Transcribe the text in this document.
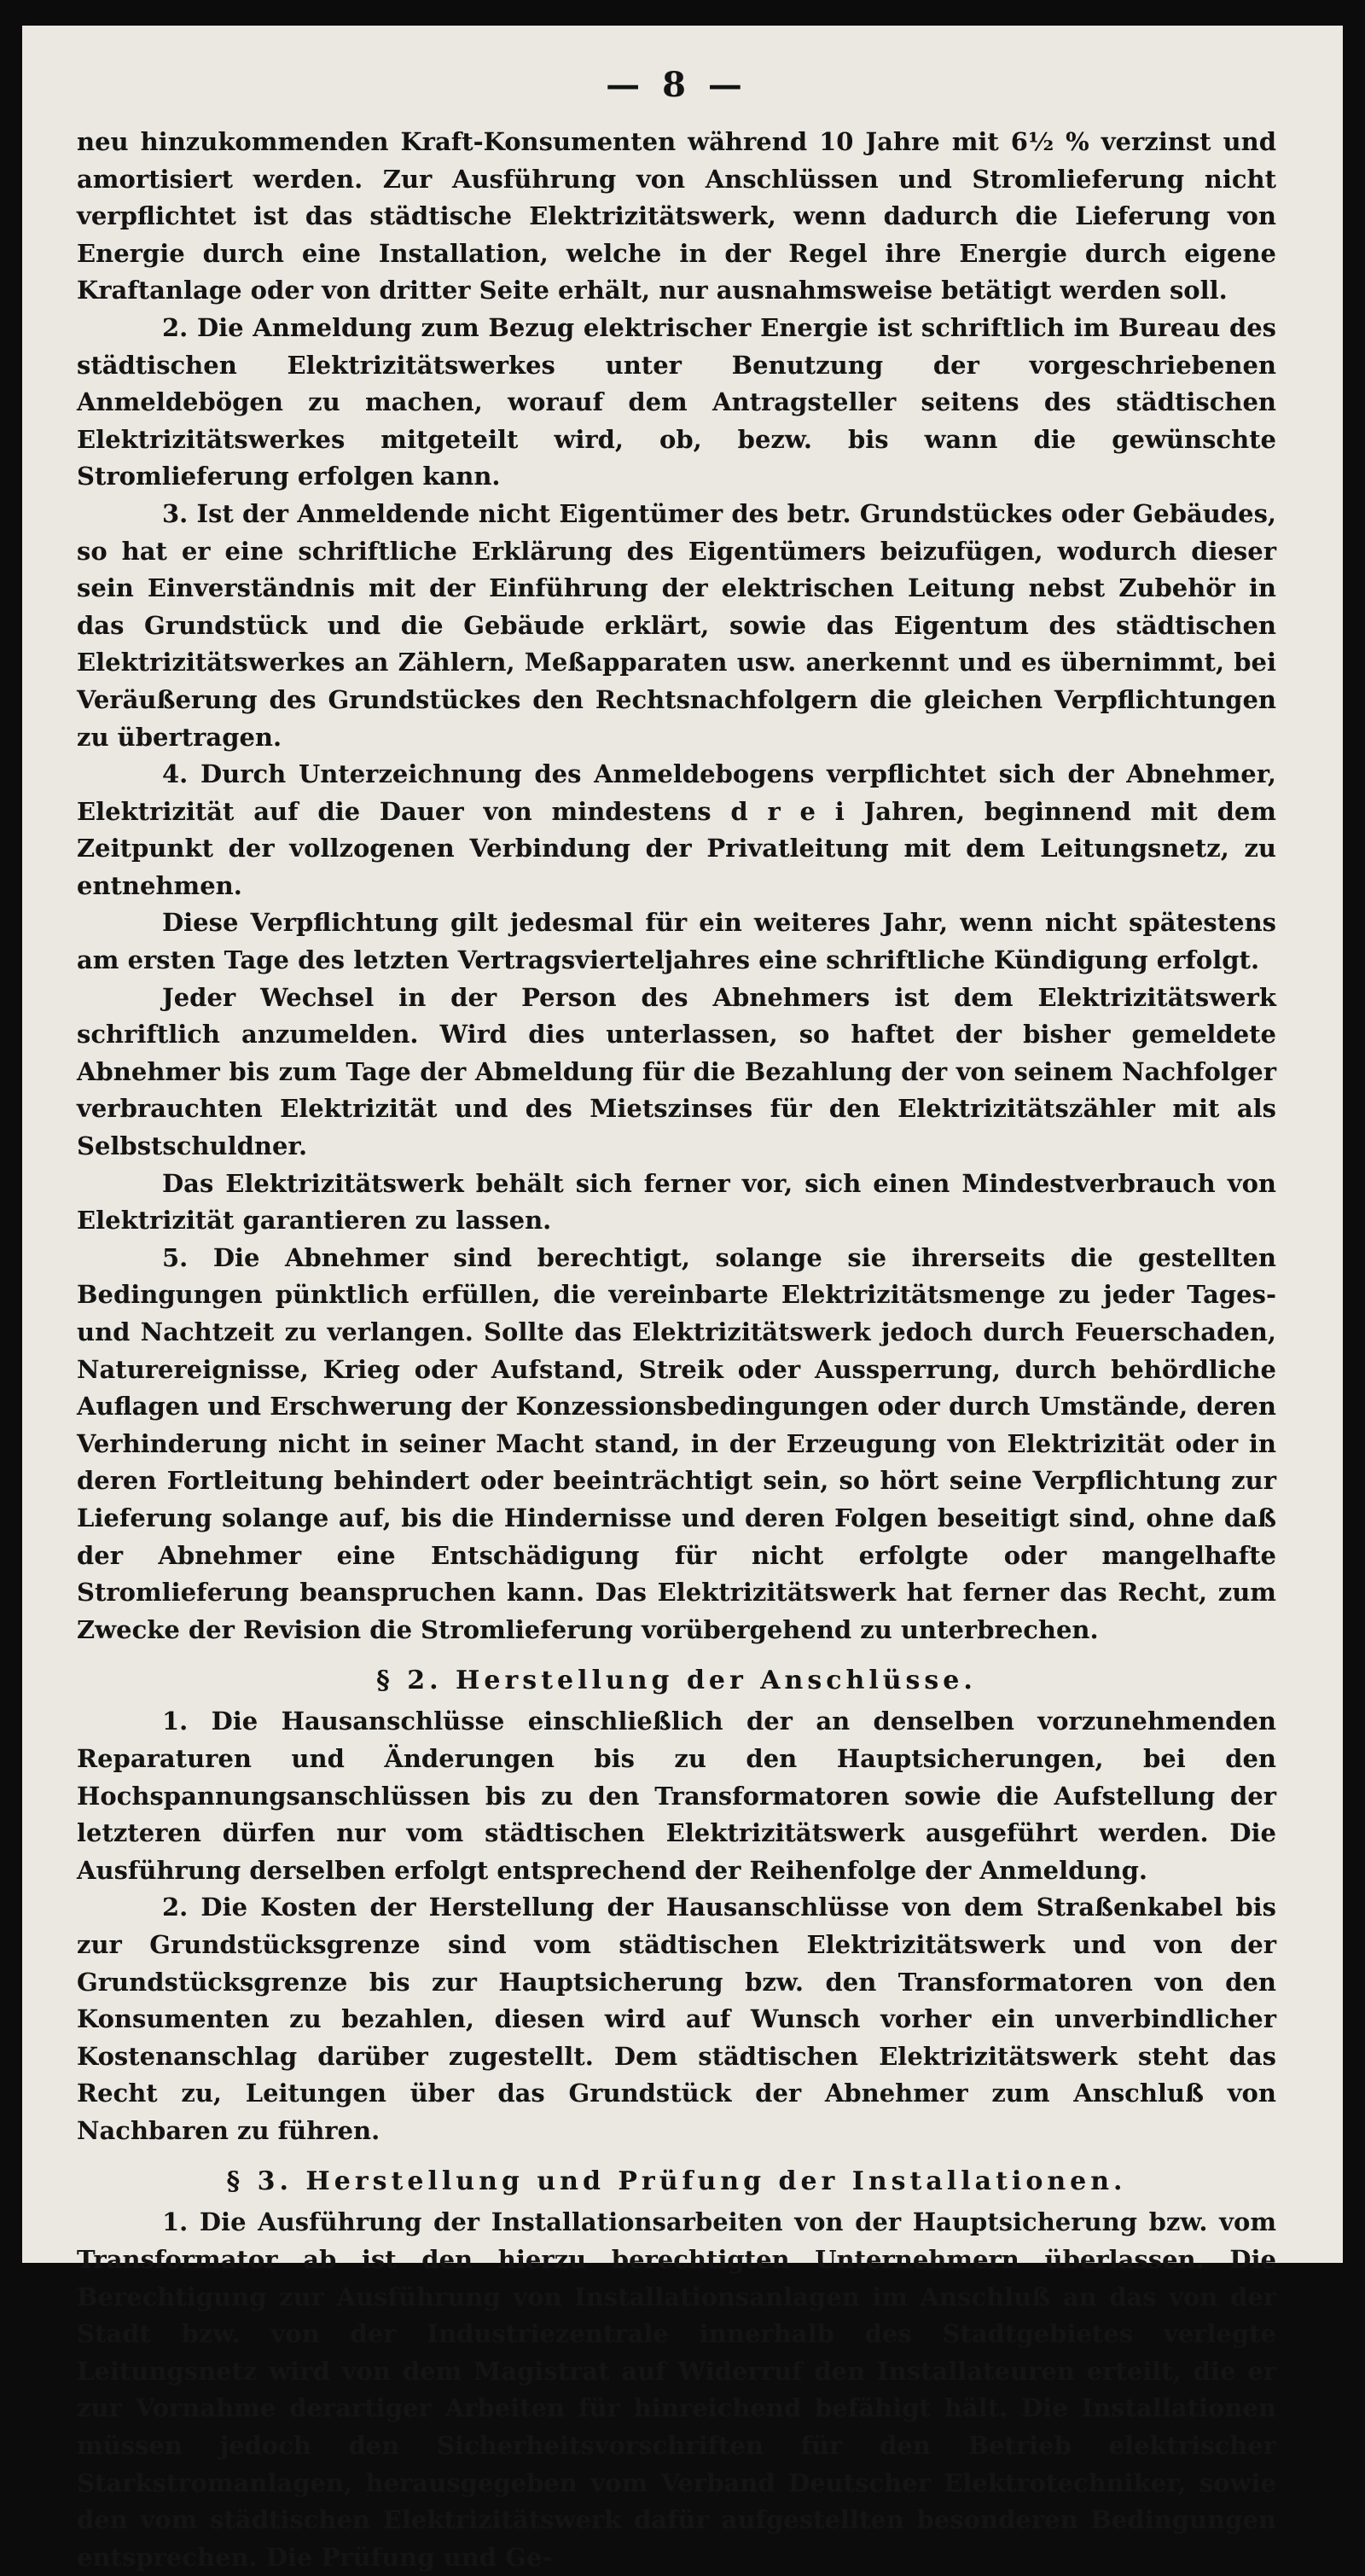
— 8 —

neu hinzukommenden Kraft-Konsumenten während 10 Jahre mit 6½ % verzinst und amortisiert werden. Zur Ausführung von Anschlüssen und Stromlieferung nicht verpflichtet ist das städtische Elektrizitätswerk, wenn dadurch die Lieferung von Energie durch eine Installation, welche in der Regel ihre Energie durch eigene Kraftanlage oder von dritter Seite erhält, nur ausnahmsweise betätigt werden soll.

2. Die Anmeldung zum Bezug elektrischer Energie ist schriftlich im Bureau des städtischen Elektrizitätswerkes unter Benutzung der vorgeschriebenen Anmeldebögen zu machen, worauf dem Antragsteller seitens des städtischen Elektrizitätswerkes mitgeteilt wird, ob, bezw. bis wann die gewünschte Stromlieferung erfolgen kann.

3. Ist der Anmeldende nicht Eigentümer des betr. Grundstückes oder Gebäudes, so hat er eine schriftliche Erklärung des Eigentümers beizufügen, wodurch dieser sein Einverständnis mit der Einführung der elektrischen Leitung nebst Zubehör in das Grundstück und die Gebäude erklärt, sowie das Eigentum des städtischen Elektrizitätswerkes an Zählern, Meßapparaten usw. anerkennt und es übernimmt, bei Veräußerung des Grundstückes den Rechtsnachfolgern die gleichen Verpflichtungen zu übertragen.

4. Durch Unterzeichnung des Anmeldebogens verpflichtet sich der Abnehmer, Elektrizität auf die Dauer von mindestens d r e i Jahren, beginnend mit dem Zeitpunkt der vollzogenen Verbindung der Privatleitung mit dem Leitungsnetz, zu entnehmen.

Diese Verpflichtung gilt jedesmal für ein weiteres Jahr, wenn nicht spätestens am ersten Tage des letzten Vertragsvierteljahres eine schriftliche Kündigung erfolgt.

Jeder Wechsel in der Person des Abnehmers ist dem Elektrizitätswerk schriftlich anzumelden. Wird dies unterlassen, so haftet der bisher gemeldete Abnehmer bis zum Tage der Abmeldung für die Bezahlung der von seinem Nachfolger verbrauchten Elektrizität und des Mietszinses für den Elektrizitätszähler mit als Selbstschuldner.

Das Elektrizitätswerk behält sich ferner vor, sich einen Mindestverbrauch von Elektrizität garantieren zu lassen.

5. Die Abnehmer sind berechtigt, solange sie ihrerseits die gestellten Bedingungen pünktlich erfüllen, die vereinbarte Elektrizitätsmenge zu jeder Tages- und Nachtzeit zu verlangen. Sollte das Elektrizitätswerk jedoch durch Feuerschaden, Naturereignisse, Krieg oder Aufstand, Streik oder Aussperrung, durch behördliche Auflagen und Erschwerung der Konzessionsbedingungen oder durch Umstände, deren Verhinderung nicht in seiner Macht stand, in der Erzeugung von Elektrizität oder in deren Fortleitung behindert oder beeinträchtigt sein, so hört seine Verpflichtung zur Lieferung solange auf, bis die Hindernisse und deren Folgen beseitigt sind, ohne daß der Abnehmer eine Entschädigung für nicht erfolgte oder mangelhafte Stromlieferung beanspruchen kann. Das Elektrizitätswerk hat ferner das Recht, zum Zwecke der Revision die Stromlieferung vorübergehend zu unterbrechen.

§ 2. Herstellung der Anschlüsse.

1. Die Hausanschlüsse einschließlich der an denselben vorzunehmenden Reparaturen und Änderungen bis zu den Hauptsicherungen, bei den Hochspannungsanschlüssen bis zu den Transformatoren sowie die Aufstellung der letzteren dürfen nur vom städtischen Elektrizitätswerk ausgeführt werden. Die Ausführung derselben erfolgt entsprechend der Reihenfolge der Anmeldung.

2. Die Kosten der Herstellung der Hausanschlüsse von dem Straßenkabel bis zur Grundstücksgrenze sind vom städtischen Elektrizitätswerk und von der Grundstücksgrenze bis zur Hauptsicherung bzw. den Transformatoren von den Konsumenten zu bezahlen, diesen wird auf Wunsch vorher ein unverbindlicher Kostenanschlag darüber zugestellt. Dem städtischen Elektrizitätswerk steht das Recht zu, Leitungen über das Grundstück der Abnehmer zum Anschluß von Nachbaren zu führen.

§ 3. Herstellung und Prüfung der Installationen.

1. Die Ausführung der Installationsarbeiten von der Hauptsicherung bzw. vom Transformator ab ist den hierzu berechtigten Unternehmern überlassen. Die Berechtigung zur Ausführung von Installationsanlagen im Anschluß an das von der Stadt bzw. von der Industriezentrale innerhalb des Stadtgebietes verlegte Leitungsnetz wird von dem Magistrat auf Widerruf den Installateuren erteilt, die er zur Vornahme derartiger Arbeiten für hinreichend befähigt hält. Die Installationen müssen jedoch den Sicherheitsvorschriften für den Betrieb elektrischer Starkstromanlagen, herausgegeben vom Verband Deutscher Elektrotechniker, sowie den vom städtischen Elektrizitätswerk dafür aufgestellten besonderen Bedingungen entsprechen. Die Prüfung und Ge-
